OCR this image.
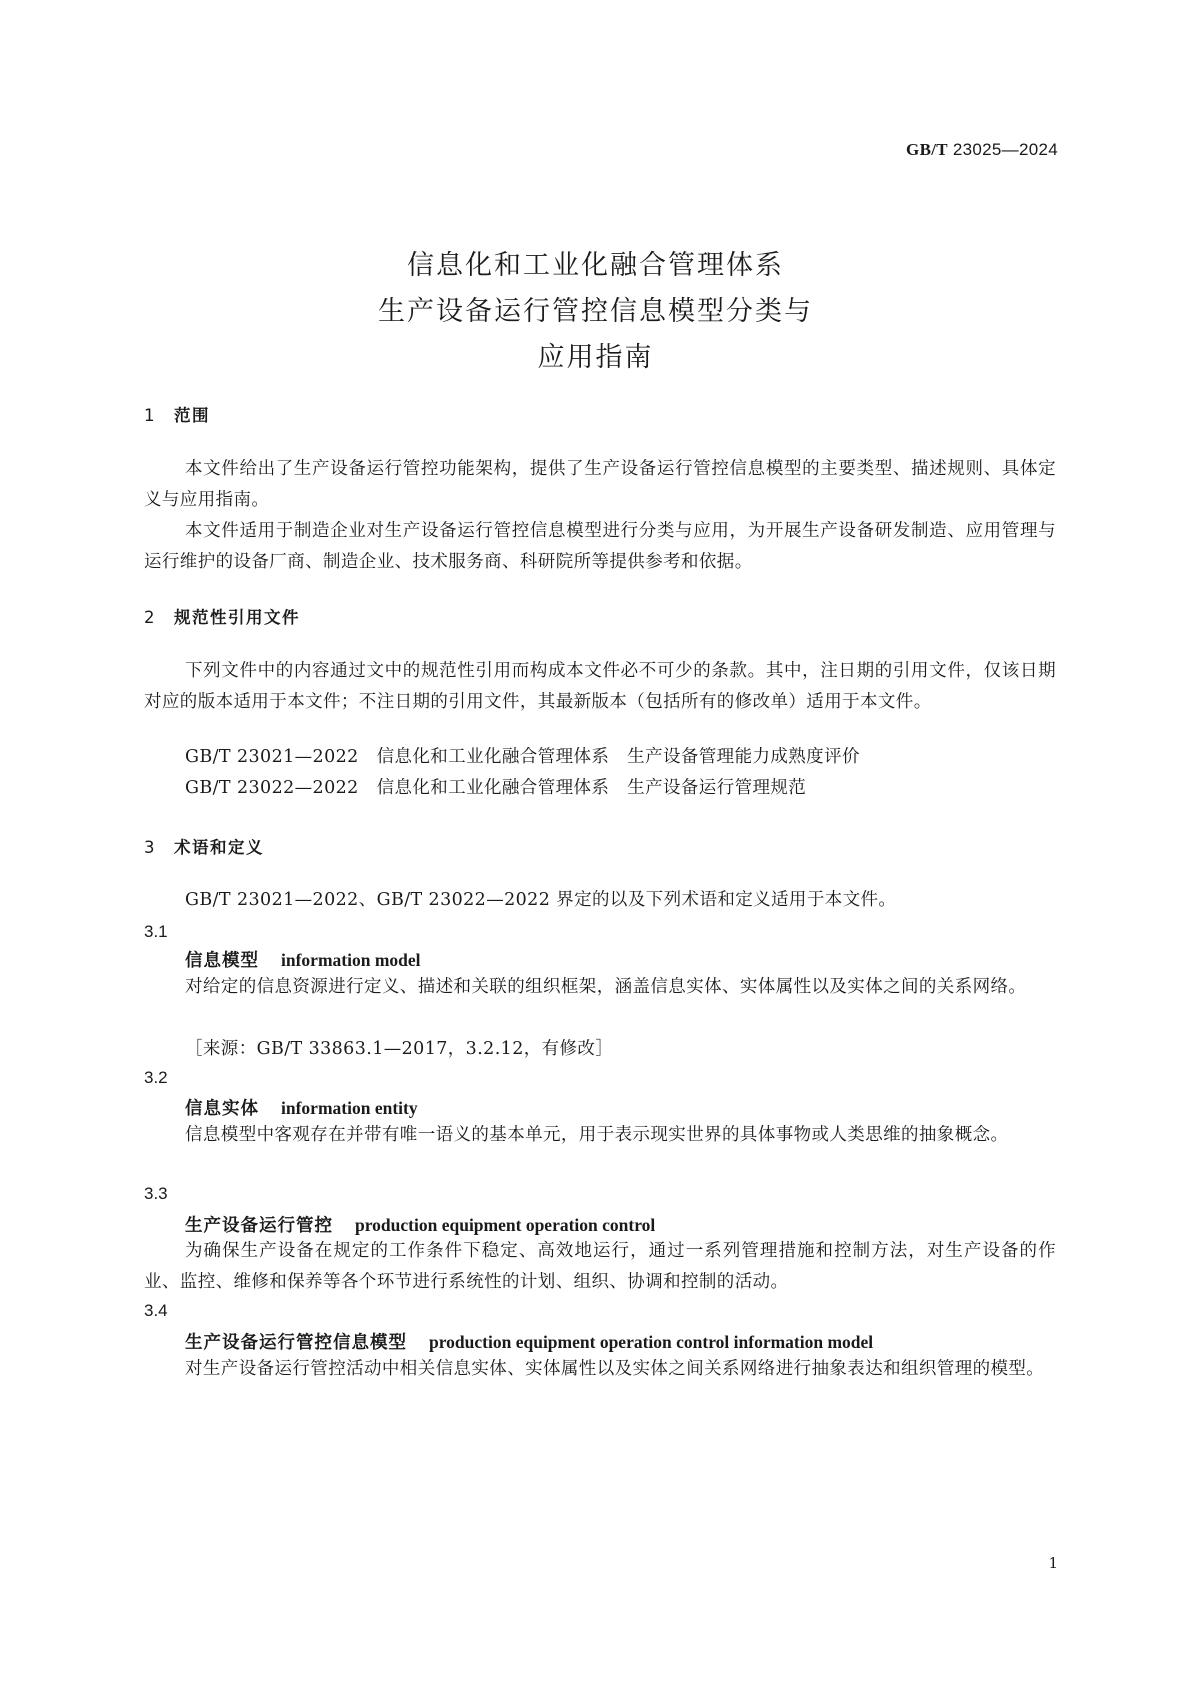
GB/T 23025—2024
信息化和工业化融合管理体系
生产设备运行管控信息模型分类与
应用指南
1 范围
本文件给出了生产设备运行管控功能架构，提供了生产设备运行管控信息模型的主要类型、描述规则、具体定义与应用指南。
本文件适用于制造企业对生产设备运行管控信息模型进行分类与应用，为开展生产设备研发制造、应用管理与运行维护的设备厂商、制造企业、技术服务商、科研院所等提供参考和依据。
2 规范性引用文件
下列文件中的内容通过文中的规范性引用而构成本文件必不可少的条款。其中，注日期的引用文件，仅该日期对应的版本适用于本文件；不注日期的引用文件，其最新版本（包括所有的修改单）适用于本文件。
GB/T 23021—2022　信息化和工业化融合管理体系　生产设备管理能力成熟度评价
GB/T 23022—2022　信息化和工业化融合管理体系　生产设备运行管理规范
3 术语和定义
GB/T 23021—2022、GB/T 23022—2022 界定的以及下列术语和定义适用于本文件。
3.1
信息模型 information model
对给定的信息资源进行定义、描述和关联的组织框架，涵盖信息实体、实体属性以及实体之间的关系网络。
［来源：GB/T 33863.1—2017，3.2.12，有修改］
3.2
信息实体 information entity
信息模型中客观存在并带有唯一语义的基本单元，用于表示现实世界的具体事物或人类思维的抽象概念。
3.3
生产设备运行管控 production equipment operation control
为确保生产设备在规定的工作条件下稳定、高效地运行，通过一系列管理措施和控制方法，对生产设备的作业、监控、维修和保养等各个环节进行系统性的计划、组织、协调和控制的活动。
3.4
生产设备运行管控信息模型 production equipment operation control information model
对生产设备运行管控活动中相关信息实体、实体属性以及实体之间关系网络进行抽象表达和组织管理的模型。
1
